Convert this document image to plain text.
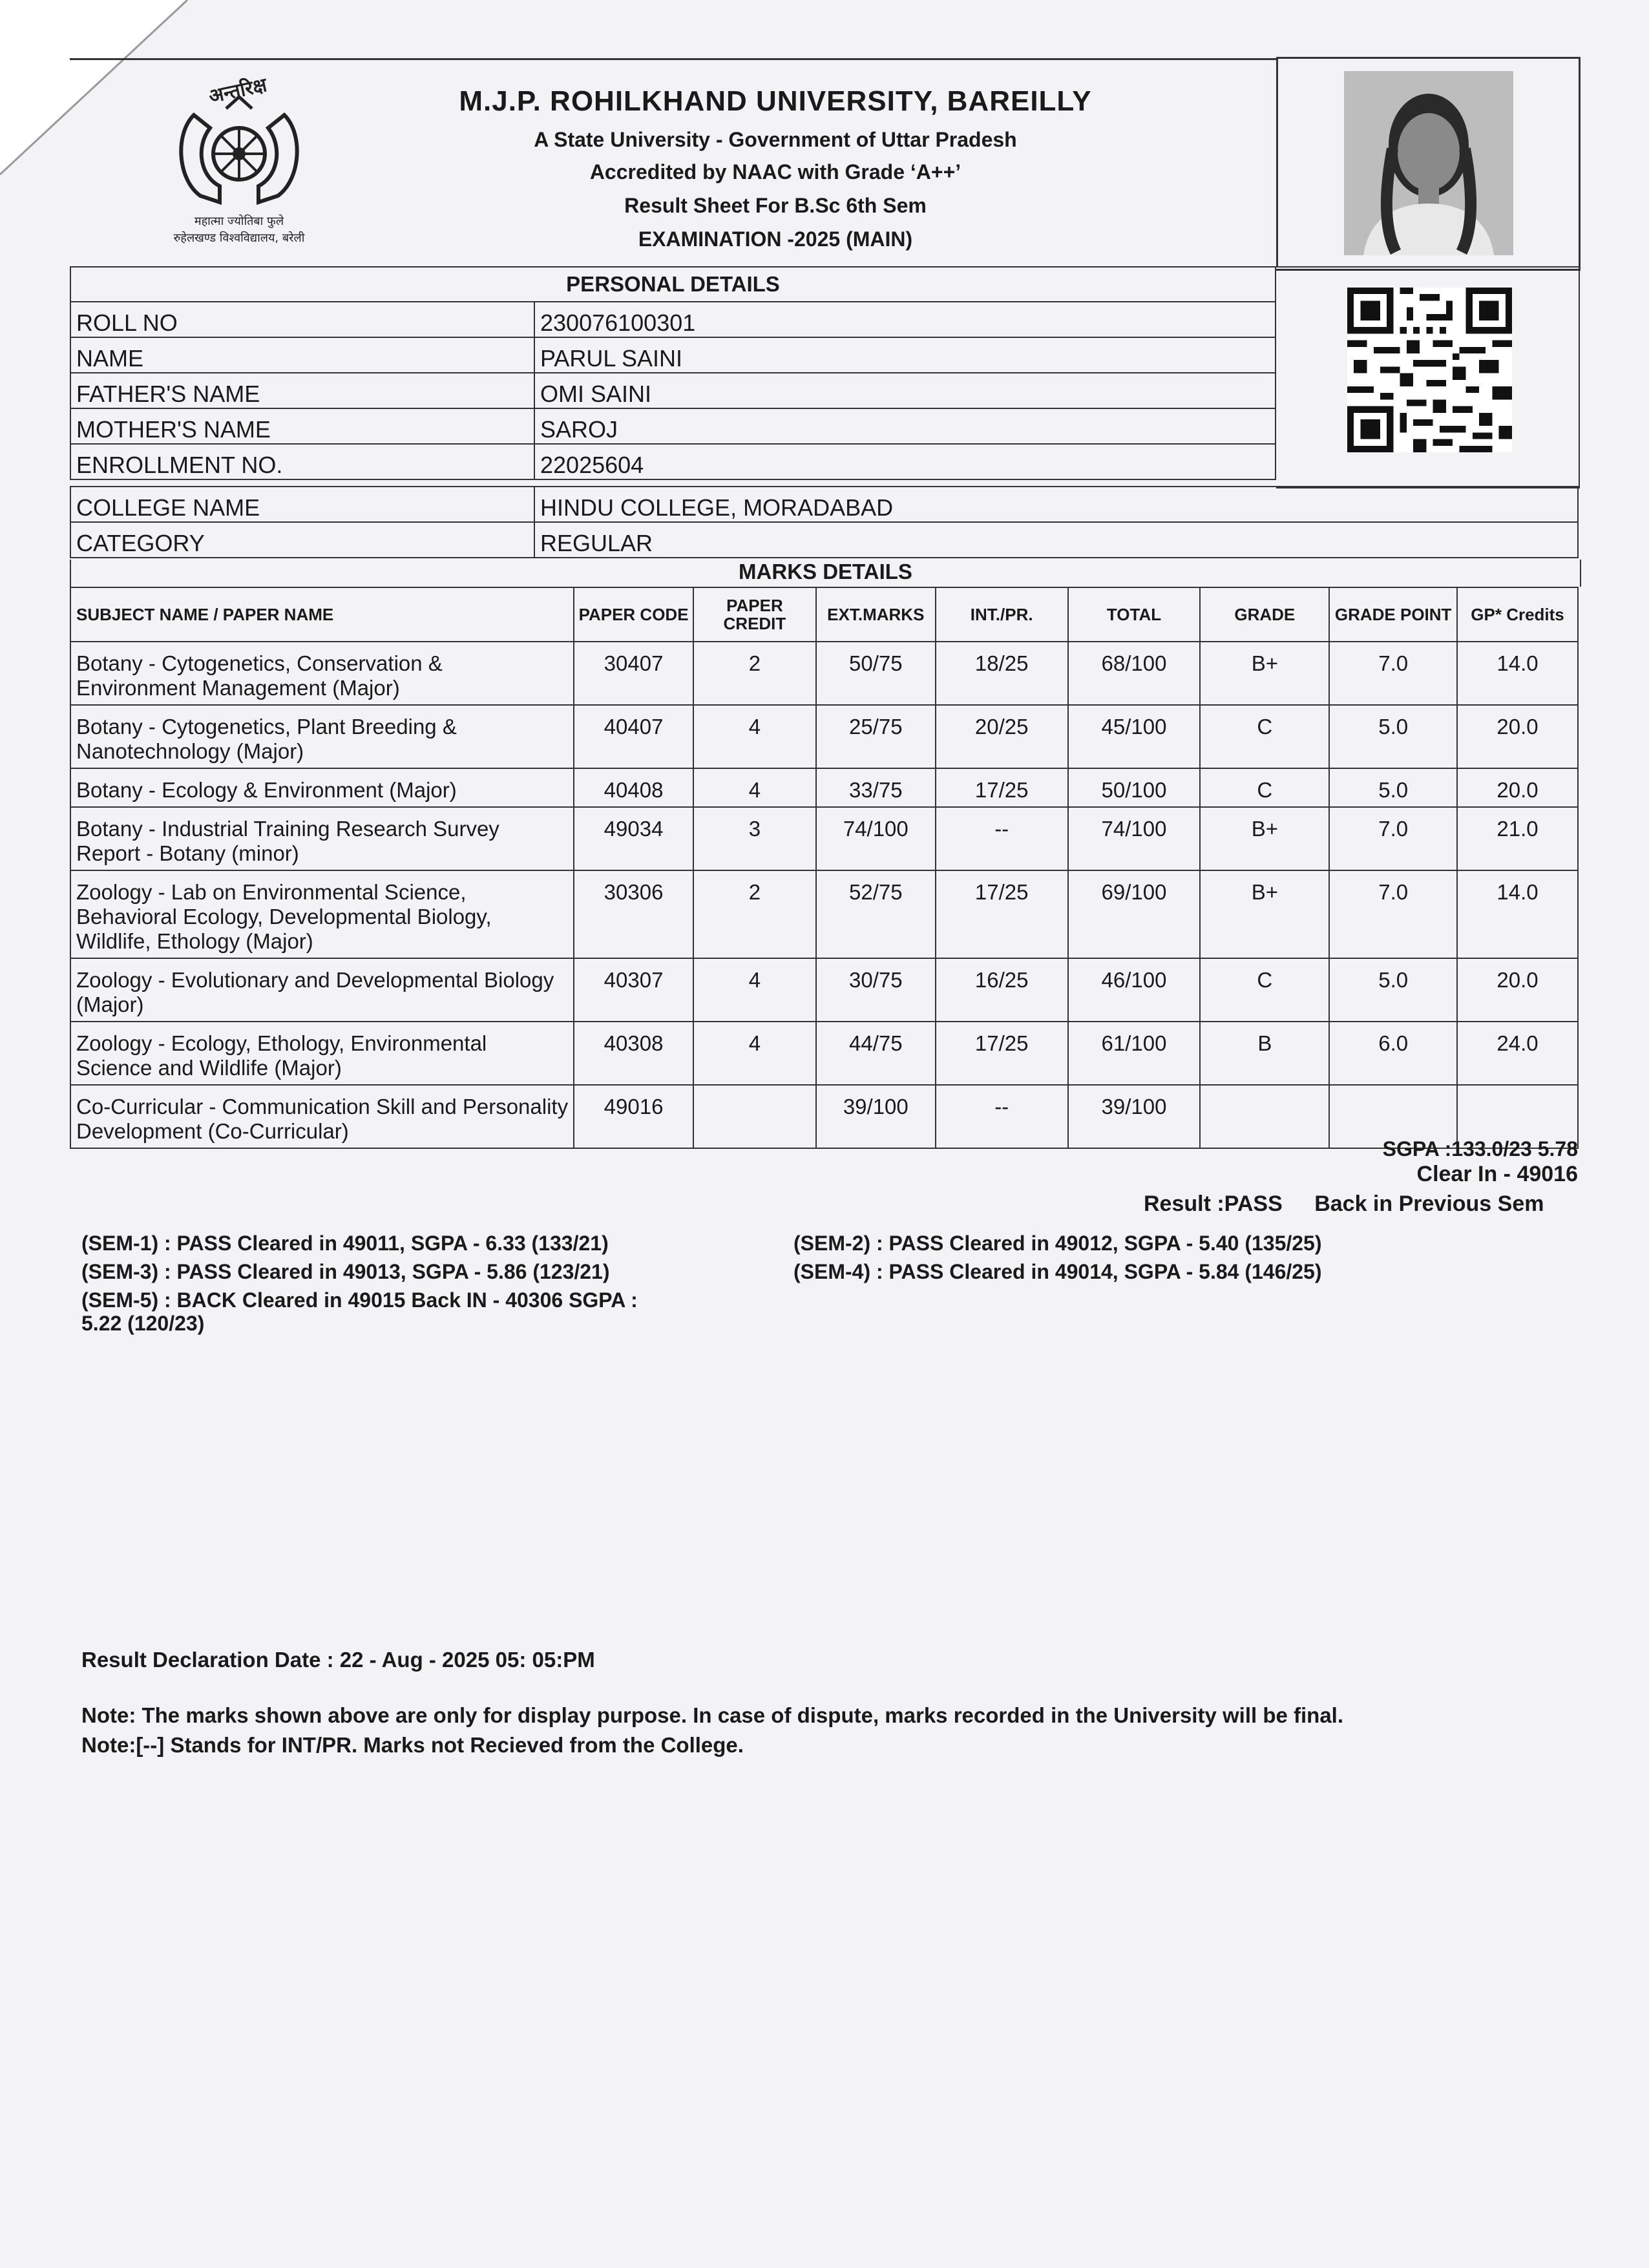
अन्तरिक्ष
महात्मा ज्योतिबा फुले
रुहेलखण्ड विश्वविद्यालय, बरेली
M.J.P. ROHILKHAND UNIVERSITY, BAREILLY
A State University - Government of Uttar Pradesh
Accredited by NAAC with Grade ‘A++’
Result Sheet For B.Sc 6th Sem
EXAMINATION -2025 (MAIN)
PERSONAL DETAILS	
ROLL NO	230076100301
NAME	PARUL SAINI
FATHER'S NAME	OMI SAINI
MOTHER'S NAME	SAROJ
ENROLLMENT NO.	22025604
COLLEGE NAME	HINDU COLLEGE, MORADABAD
CATEGORY	REGULAR
MARKS DETAILS
SUBJECT NAME / PAPER NAME	PAPER CODE	PAPER CREDIT	EXT.MARKS	INT./PR.	TOTAL	GRADE	GRADE POINT	GP* Credits
Botany - Cytogenetics, Conservation & Environment Management (Major)	30407	2	50/75	18/25	68/100	B+	7.0	14.0
Botany - Cytogenetics, Plant Breeding & Nanotechnology (Major)	40407	4	25/75	20/25	45/100	C	5.0	20.0
Botany - Ecology & Environment (Major)	40408	4	33/75	17/25	50/100	C	5.0	20.0
Botany - Industrial Training Research Survey Report - Botany (minor)	49034	3	74/100	--	74/100	B+	7.0	21.0
Zoology - Lab on Environmental Science, Behavioral Ecology, Developmental Biology, Wildlife, Ethology (Major)	30306	2	52/75	17/25	69/100	B+	7.0	14.0
Zoology - Evolutionary and Developmental Biology (Major)	40307	4	30/75	16/25	46/100	C	5.0	20.0
Zoology - Ecology, Ethology, Environmental Science and Wildlife (Major)	40308	4	44/75	17/25	61/100	B	6.0	24.0
Co-Curricular - Communication Skill and Personality Development (Co-Curricular)	49016		39/100	--	39/100			
SGPA :133.0/23 5.78
Clear In - 49016
Result :PASS Back in Previous Sem
(SEM-1) : PASS Cleared in 49011, SGPA - 6.33 (133/21)	(SEM-2) : PASS Cleared in 49012, SGPA - 5.40 (135/25)
(SEM-3) : PASS Cleared in 49013, SGPA - 5.86 (123/21)	(SEM-4) : PASS Cleared in 49014, SGPA - 5.84 (146/25)
(SEM-5) : BACK Cleared in 49015 Back IN - 40306 SGPA :
5.22 (120/23)
Result Declaration Date : 22 - Aug - 2025 05: 05:PM
Note: The marks shown above are only for display purpose. In case of dispute, marks recorded in the University will be final.
Note:[--] Stands for INT/PR. Marks not Recieved from the College.
